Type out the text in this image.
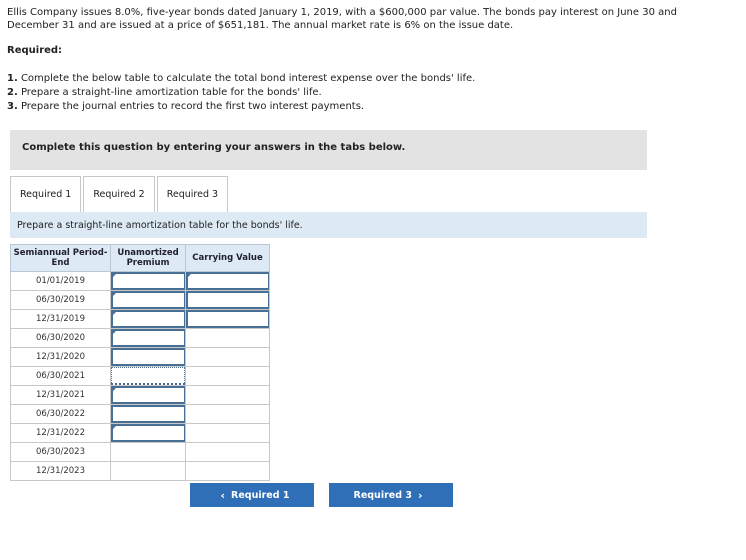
Ellis Company issues 8.0%, five-year bonds dated January 1, 2019, with a $600,000 par value. The bonds pay interest on June 30 and December 31 and are issued at a price of $651,181. The annual market rate is 6% on the issue date.
Required:
1. Complete the below table to calculate the total bond interest expense over the bonds' life.
2. Prepare a straight-line amortization table for the bonds' life.
3. Prepare the journal entries to record the first two interest payments.
Complete this question by entering your answers in the tabs below.
Required 1	Required 2	Required 3
Prepare a straight-line amortization table for the bonds' life.
Semiannual Period-End	Unamortized Premium	Carrying Value
01/01/2019	

06/30/2019	

12/31/2019	

06/30/2020	

12/31/2020	

06/30/2021	

12/31/2021	

06/30/2022	

12/31/2022	

06/30/2023		
12/31/2023		
‹ Required 1	Required 3 ›
